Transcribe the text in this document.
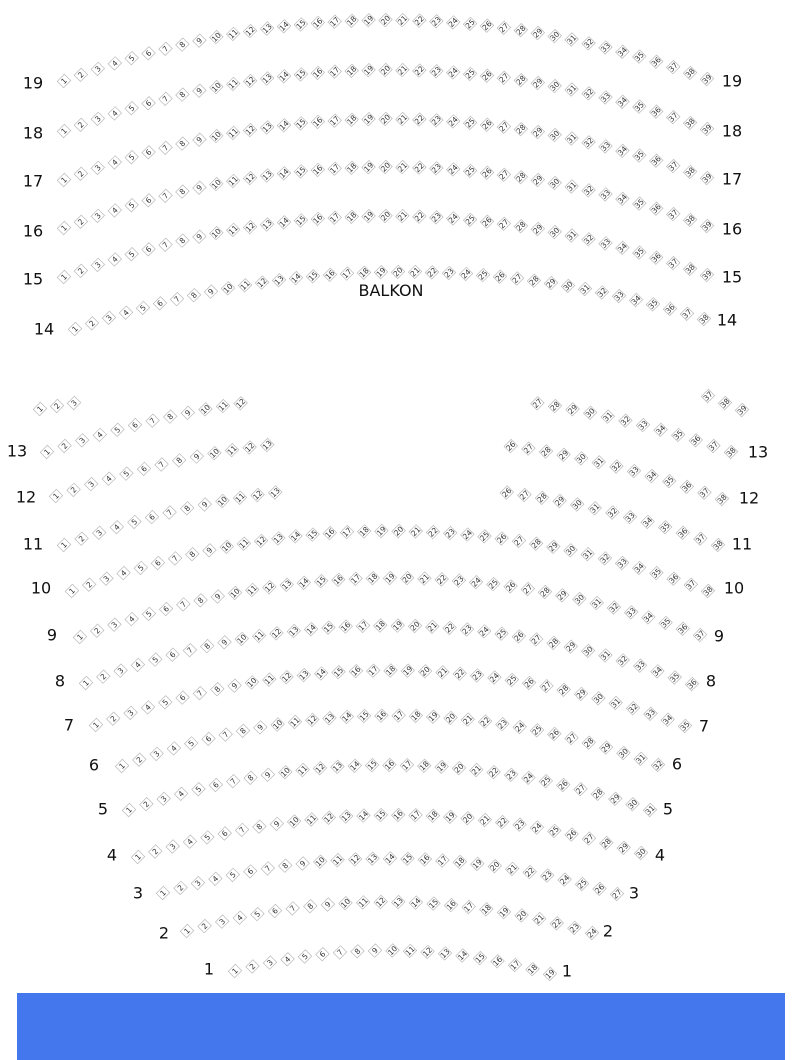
1
2
3
4
5
6 7 8 9 10 11 12 13 14 15 16 17 18 19 20 21 22 23 24 25 26 27 28 29 30 31 32 33 34 35 36 37 38 39
1
2
3
4
5
6 7 8 9 10 11 12 13 14 15 16 17 18 19 20 21 22 23 24 25 26 27 28 29 30 31 32 33 34 35 36 37 38 39
1
2
3
4
5
6 7 8 9 10 11 12 13 14 15 16 17 18 19 20 21 22 23 24 25 26 27 28 29 30 31 32 33 34 35 36 37 38 39
1
2
3
4
5
6 7 8 9 10 11 12 13 14 15 16 17 18 19 20 21 22 23 24 25 26 27 28 29 30 31 32 33 34 35 36 37 38 39
1
2
3
4
5
6 7 8 9 10 11 12 13 14 15 16 17 18 19 20 21 22 23 24 25 26 27 28 29 30 31 32 33 34 35 36 37 38 39
1
2
3
4 5 6 7 8 9 10 11 12 13 14 15 16 17 18 19 20 21 22 23 24 25 26 27 28 29 30 31 32 33 34 35 36 37 38
1 2 3
37
38
39
1
2
3
4
5 6 7 8 9 10 11 12	27 28 29 30 31 32 33 34 35 36 37 38
1
2
3
4
5 6 7 8 9 10 11 12 13	26 27 28 29 30 31 32 33 34 35 36 37 38
1
2
3
4
5 6 7 8 9 10 11 12 13	26 27 28 29 30 31 32 33 34 35 36 37 38
1
2
3
4
5
6 7 8 9 10 11 12 13 14 15 16 17 18 19 20 21 22 23 24 25 26 27 28 29 30 31 32 33 34 35 36 37 38
1
2
3
4
5
6 7 8 9 10 11 12 13 14 15 16 17 18 19 20 21 22 23 24 25 26 27 28 29 30 31 32 33 34 35 36 37
1
2
3
4
5
6 7 8 9 10 11 12 13 14 15 16 17 18 19 20 21 22 23 24 25 26 27 28 29 30 31 32 33 34 35 36
1
2
3
4
5 6 7 8 9 10 11 12 13 14 15 16 17 18 19 20 21 22 23 24 25 26 27 28 29 30 31 32 33 34 35
1
2
3
4
5 6 7 8 9 10 11 12 13 14 15 16 17 18 19 20 21 22 23 24 25 26 27 28 29 30 31 32
1
2
3
4 5 6 7 8 9 10 11 12 13 14 15 16 17 18 19 20 21 22 23 24 25 26 27 28 29 30 31
1
2
3 4 5 6 7 8 9 10 11 12 13 14 15 16 17 18 19 20 21 22 23 24 25 26 27 28 29 30
1
2 3 4 5 6 7 8 9 10 11 12 13 14 15 16 17 18 19 20 21 22 23 24 25 26 27
1
2 3 4 5 6 7 8 9 10 11 12 13 14 15 16 17 18 19 20 21 22 23 24
1 2 3 4 5 6 7 8 9 10 11 12 13 14 15 16 17 18 19
19	19
18	18
17	17
16	16
15	15
14	14
13	13
12	12
11	11
10	10
9	9
8	8
7	7
6	6
5	5
4	4
3	3
2	2
1	1
BALKON
